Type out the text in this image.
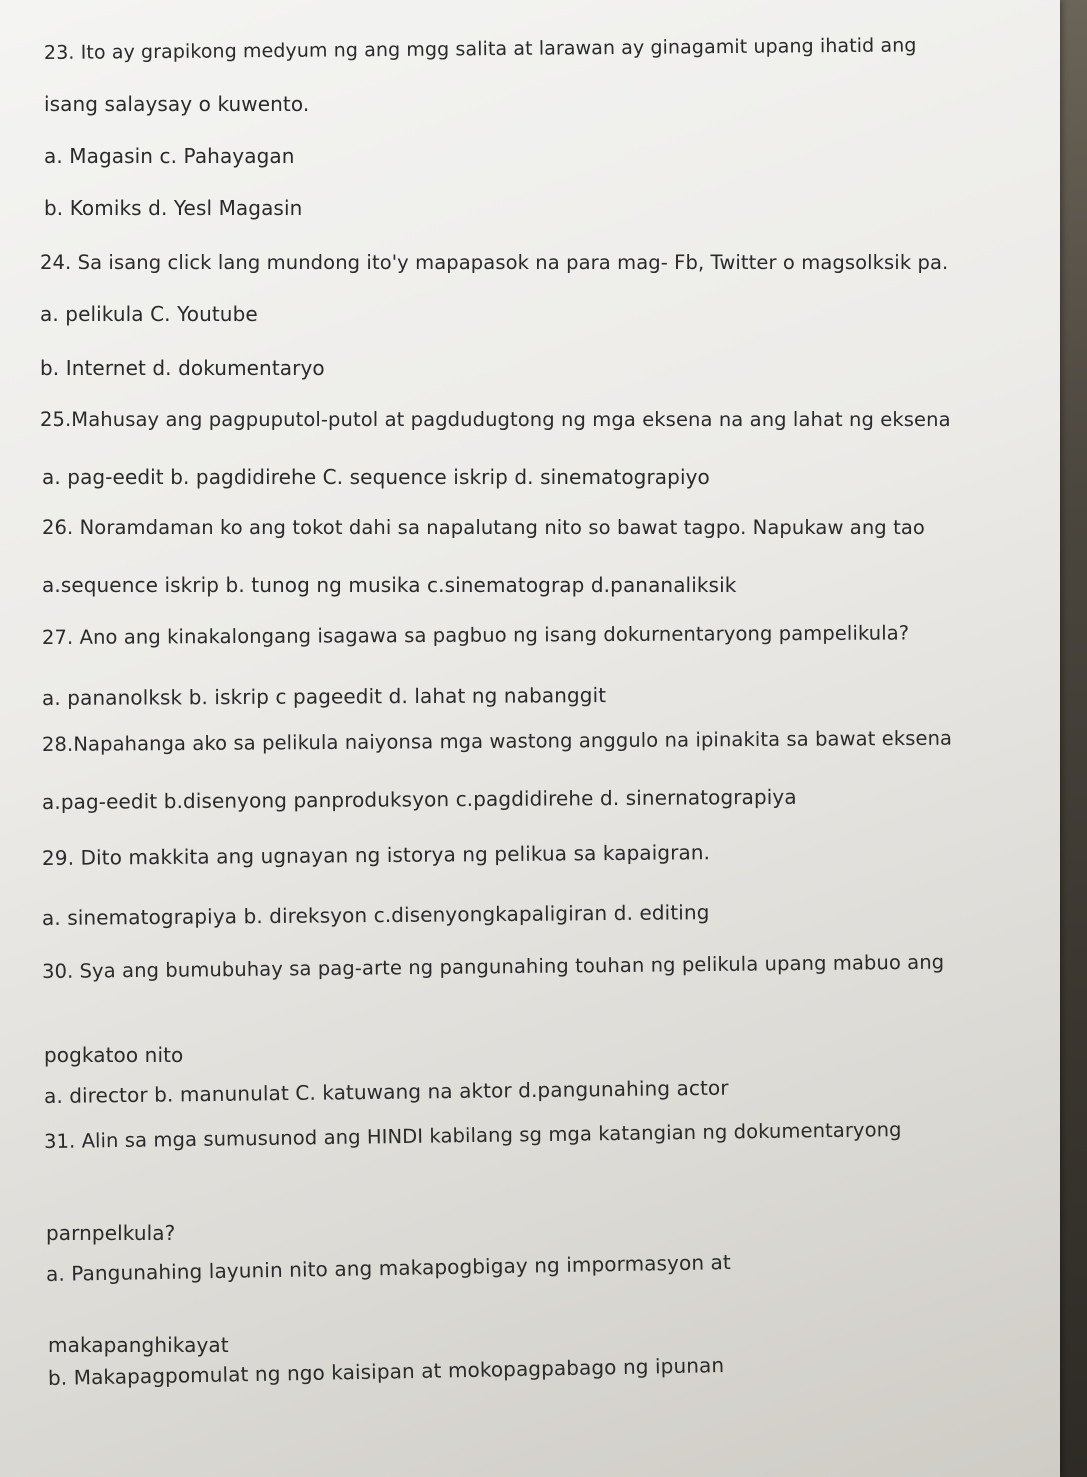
23. Ito ay grapikong medyum ng ang mgg salita at larawan ay ginagamit upang ihatid ang
isang salaysay o kuwento.
a. Magasin c. Pahayagan
b. Komiks d. Yesl Magasin
24. Sa isang click lang mundong ito'y mapapasok na para mag- Fb, Twitter o magsolksik pa.
a. pelikula C. Youtube
b. Internet d. dokumentaryo
25.Mahusay ang pagpuputol-putol at pagdudugtong ng mga eksena na ang lahat ng eksena
a. pag-eedit b. pagdidirehe C. sequence iskrip d. sinematograpiyo
26. Noramdaman ko ang tokot dahi sa napalutang nito so bawat tagpo. Napukaw ang tao
a.sequence iskrip b. tunog ng musika c.sinematograp d.pananaliksik
27. Ano ang kinakalongang isagawa sa pagbuo ng isang dokurnentaryong pampelikula?
a. pananolksk b. iskrip c pageedit d. lahat ng nabanggit
28.Napahanga ako sa pelikula naiyonsa mga wastong anggulo na ipinakita sa bawat eksena
a.pag-eedit b.disenyong panproduksyon c.pagdidirehe d. sinernatograpiya
29. Dito makkita ang ugnayan ng istorya ng pelikua sa kapaigran.
a. sinematograpiya b. direksyon c.disenyongkapaligiran d. editing
30. Sya ang bumubuhay sa pag-arte ng pangunahing touhan ng pelikula upang mabuo ang
pogkatoo nito
a. director b. manunulat C. katuwang na aktor d.pangunahing actor
31. Alin sa mga sumusunod ang HINDI kabilang sg mga katangian ng dokumentaryong
parnpelkula?
a. Pangunahing layunin nito ang makapogbigay ng impormasyon at
makapanghikayat
b. Makapagpomulat ng ngo kaisipan at mokopagpabago ng ipunan
